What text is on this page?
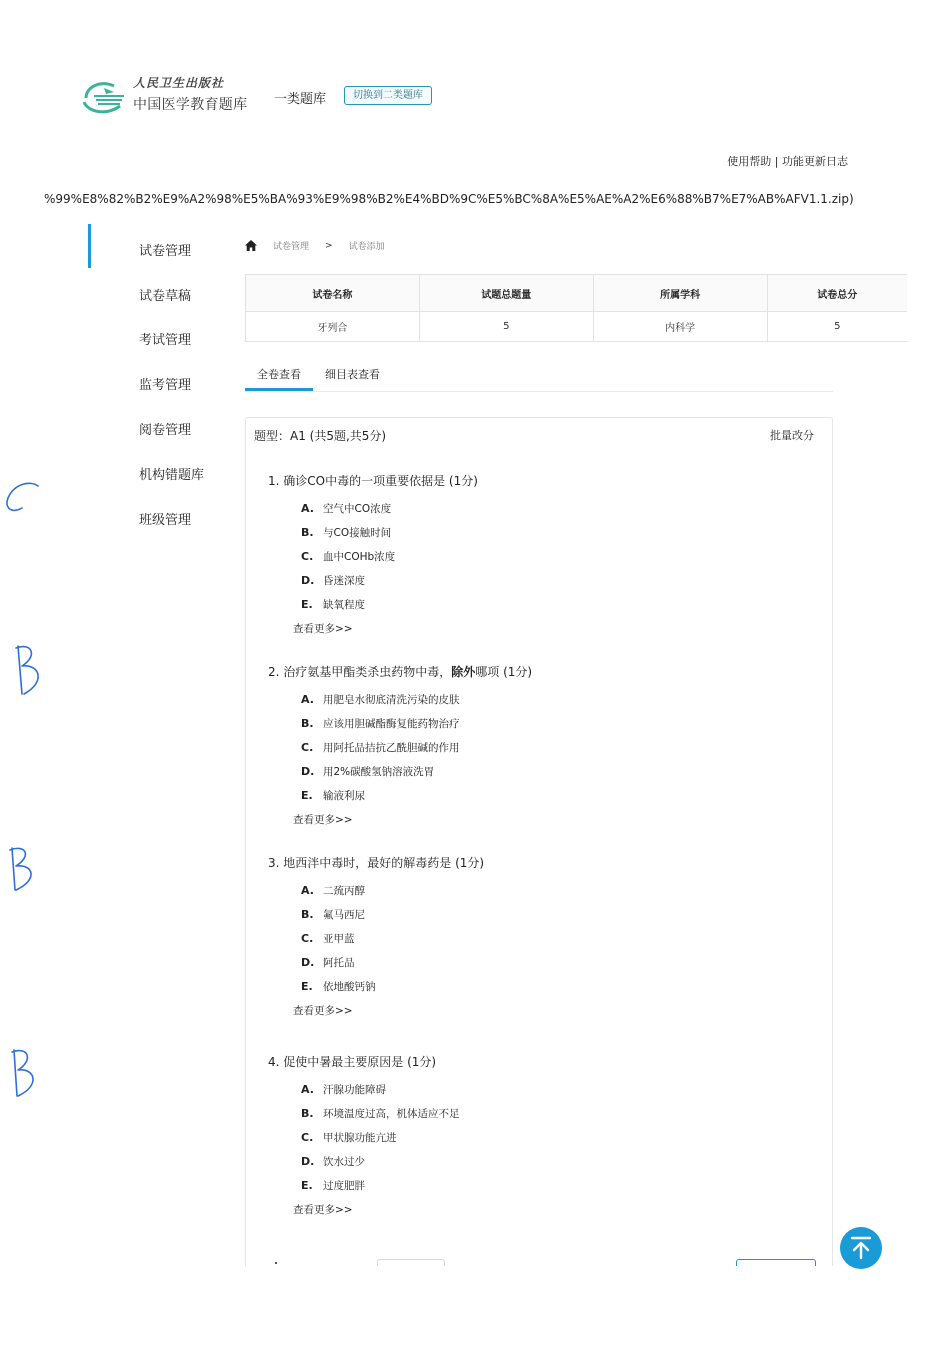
人民卫生出版社
中国医学教育题库 一类题库	切换到二类题库
使用帮助 | 功能更新日志
%99%E8%82%B2%E9%A2%98%E5%BA%93%E9%98%B2%E4%BD%9C%E5%BC%8A%E5%AE%A2%E6%88%B7%E7%AB%AFV1.1.zip)
试卷管理
试卷草稿
考试管理
监考管理
阅卷管理
机构错题库
班级管理
试卷管理 > 试卷添加
试卷名称	试题总题量	所属学科	试卷总分
牙列合	5	内科学	5
全卷查看 细目表查看
题型：A1 (共5题,共5分)	批量改分
1. 确诊CO中毒的一项重要依据是 (1分)
A. 空气中CO浓度
B. 与CO接触时间
C. 血中COHb浓度
D. 昏迷深度
E. 缺氧程度
查看更多>>
2. 治疗氨基甲酯类杀虫药物中毒，除外哪项 (1分)
A. 用肥皂水彻底清洗污染的皮肤
B. 应该用胆碱酯酶复能药物治疗
C. 用阿托品拮抗乙酰胆碱的作用
D. 用2%碳酸氢钠溶液洗胃
E. 输液利尿
查看更多>>
3. 地西泮中毒时，最好的解毒药是 (1分)
A. 二巯丙醇
B. 氟马西尼
C. 亚甲蓝
D. 阿托品
E. 依地酸钙钠
查看更多>>
4. 促使中暑最主要原因是 (1分)
A. 汗腺功能障碍
B. 环境温度过高，机体适应不足
C. 甲状腺功能亢进
D. 饮水过少
E. 过度肥胖
查看更多>>
